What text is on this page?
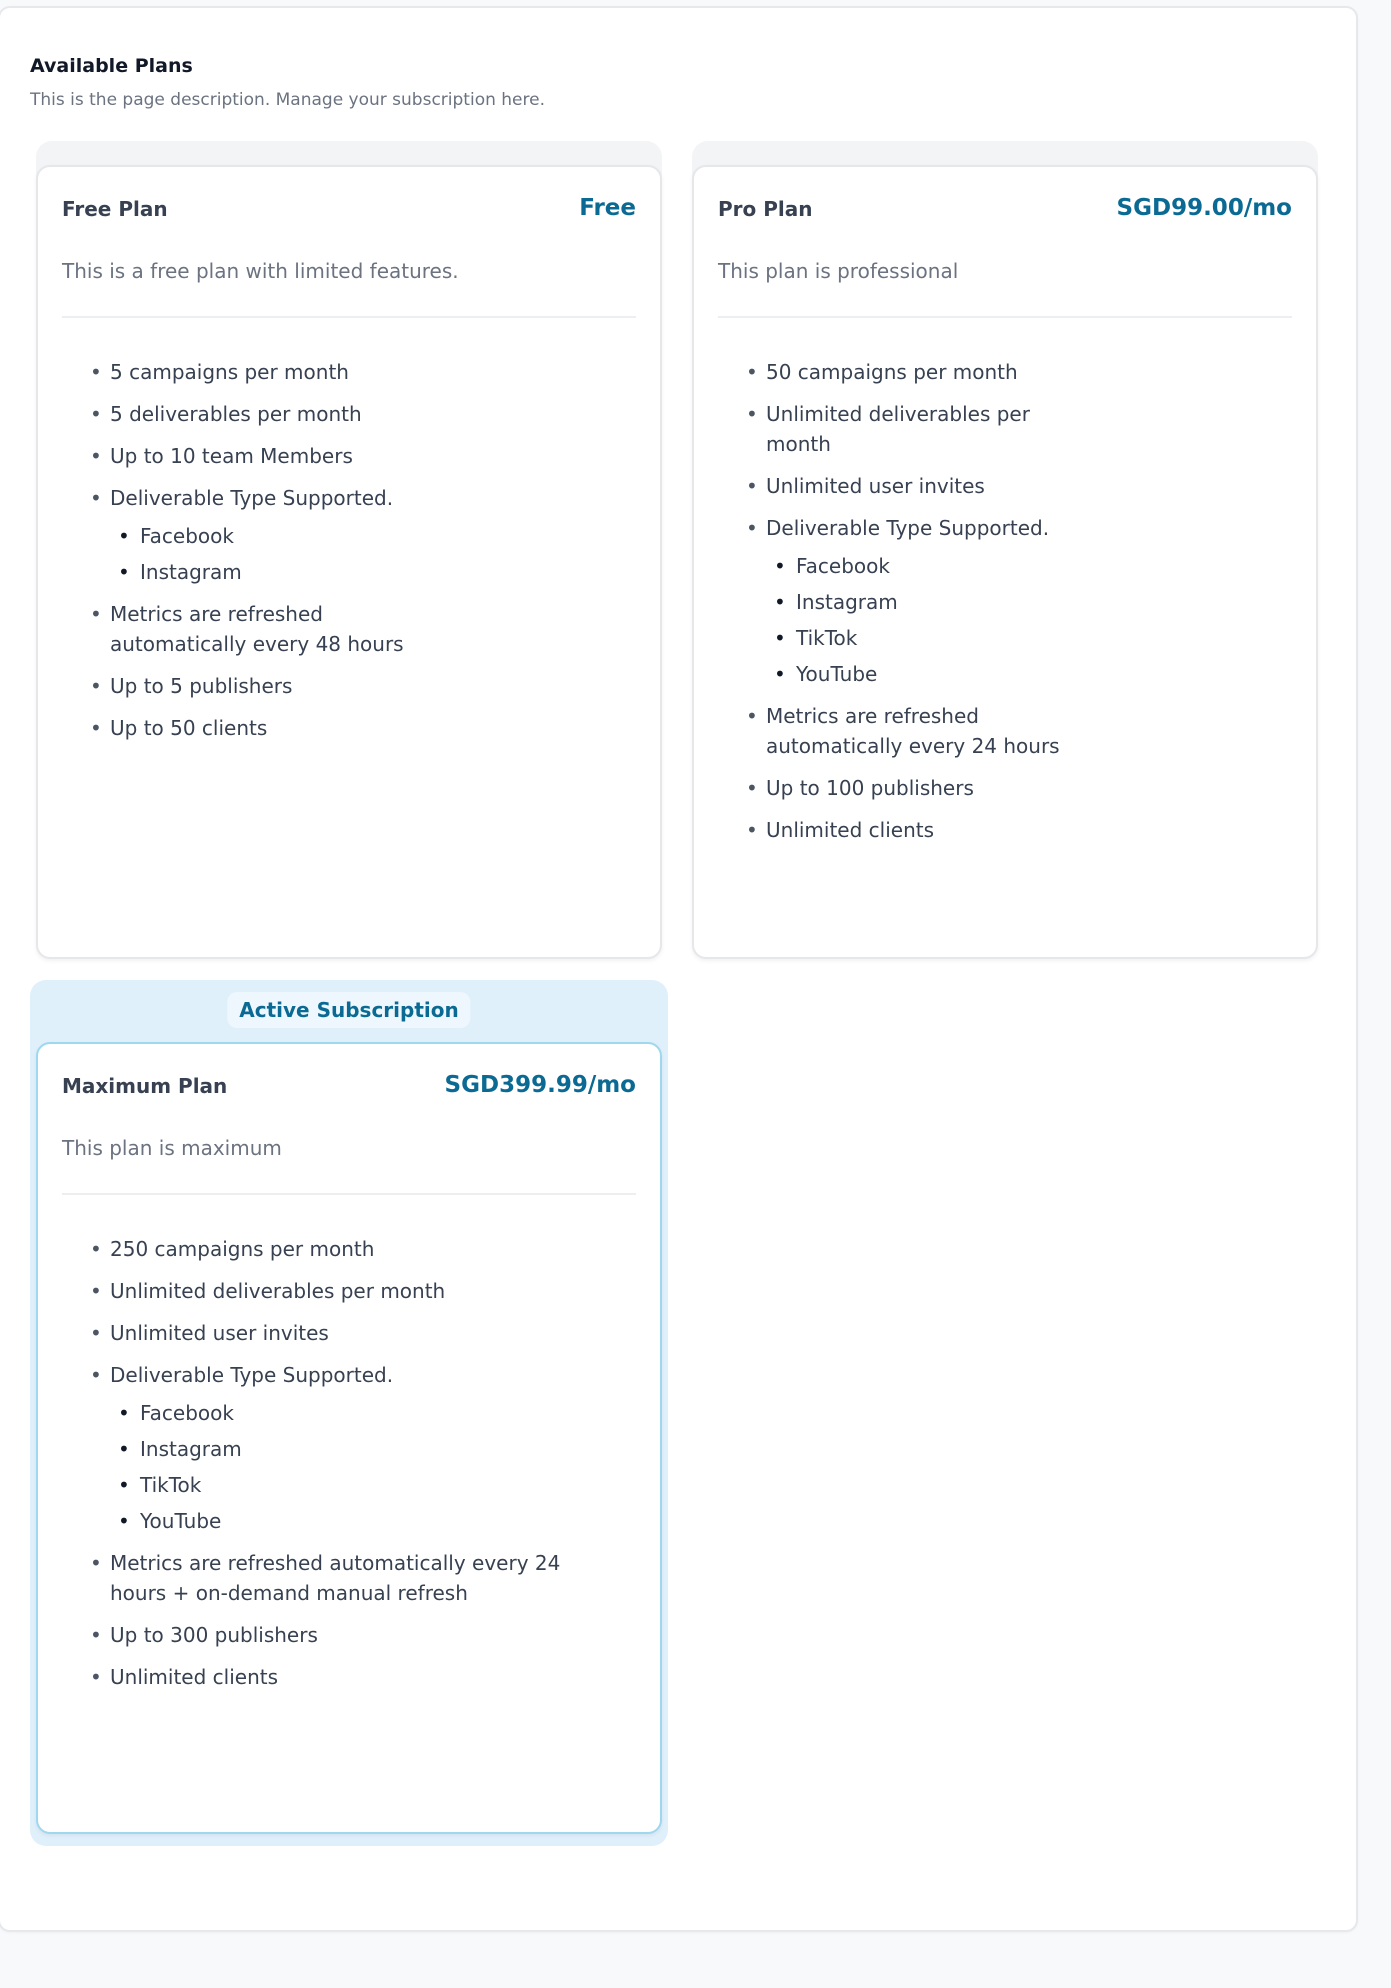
Available Plans

This is the page description. Manage your subscription here.

Free Plan	Free
This is a free plan with limited features.
• 5 campaigns per month
• 5 deliverables per month
• Up to 10 team Members
• Deliverable Type Supported.
• Facebook
• Instagram
• Metrics are refreshed automatically every 48 hours
• Up to 5 publishers
• Up to 50 clients
Pro Plan	SGD99.00/mo
This plan is professional
• 50 campaigns per month
• Unlimited deliverables per month
• Unlimited user invites
• Deliverable Type Supported.
• Facebook
• Instagram
• TikTok
• YouTube
• Metrics are refreshed automatically every 24 hours
• Up to 100 publishers
• Unlimited clients
Active Subscription
Maximum Plan	SGD399.99/mo
This plan is maximum
• 250 campaigns per month
• Unlimited deliverables per month
• Unlimited user invites
• Deliverable Type Supported.
• Facebook
• Instagram
• TikTok
• YouTube
• Metrics are refreshed automatically every 24 hours + on-demand manual refresh
• Up to 300 publishers
• Unlimited clients
